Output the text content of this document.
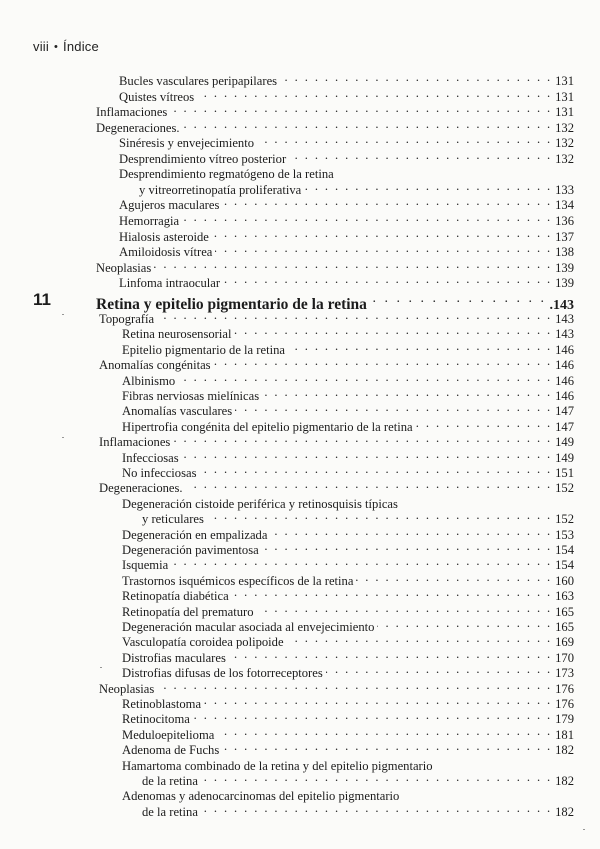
viii • Índice
Bucles vasculares peripapilares . . .	131
Quistes vítreos . . .	131
Inflamaciones . . .	131
Degeneraciones. . . .	132
Sinéresis y envejecimiento . . .	132
Desprendimiento vítreo posterior . . .	132
Desprendimiento regmatógeno de la retina
y vitreorretinopatía proliferativa . . .	133
Agujeros maculares . . .	134
Hemorragia . . .	136
Hialosis asteroide . . .	137
Amiloidosis vítrea . . .	138
Neoplasias . . .	139
Linfoma intraocular . . .	139
11	Retina y epitelio pigmentario de la retina . . .	.143
Topografía . . .	143
Retina neurosensorial . . .	143
Epitelio pigmentario de la retina . . .	146
Anomalías congénitas . . .	146
Albinismo . . .	146
Fibras nerviosas mielínicas . . .	146
Anomalías vasculares . . .	147
Hipertrofia congénita del epitelio pigmentario de la retina . . .	147
Inflamaciones . . .	149
Infecciosas . . .	149
No infecciosas . . .	151
Degeneraciones. . . .	152
Degeneración cistoide periférica y retinosquisis típicas
y reticulares . . .	152
Degeneración en empalizada . . .	153
Degeneración pavimentosa . . .	154
Isquemia . . .	154
Trastornos isquémicos específicos de la retina . . .	160
Retinopatía diabética . . .	163
Retinopatía del prematuro . . .	165
Degeneración macular asociada al envejecimiento . . .	165
Vasculopatía coroidea polipoide . . .	169
Distrofias maculares . . .	170
Distrofias difusas de los fotorreceptores . . .	173
Neoplasias . . .	176
Retinoblastoma . . .	176
Retinocitoma . . .	179
Meduloepitelioma . . .	181
Adenoma de Fuchs . . .	182
Hamartoma combinado de la retina y del epitelio pigmentario
de la retina . . .	182
Adenomas y adenocarcinomas del epitelio pigmentario
de la retina . . .	182
